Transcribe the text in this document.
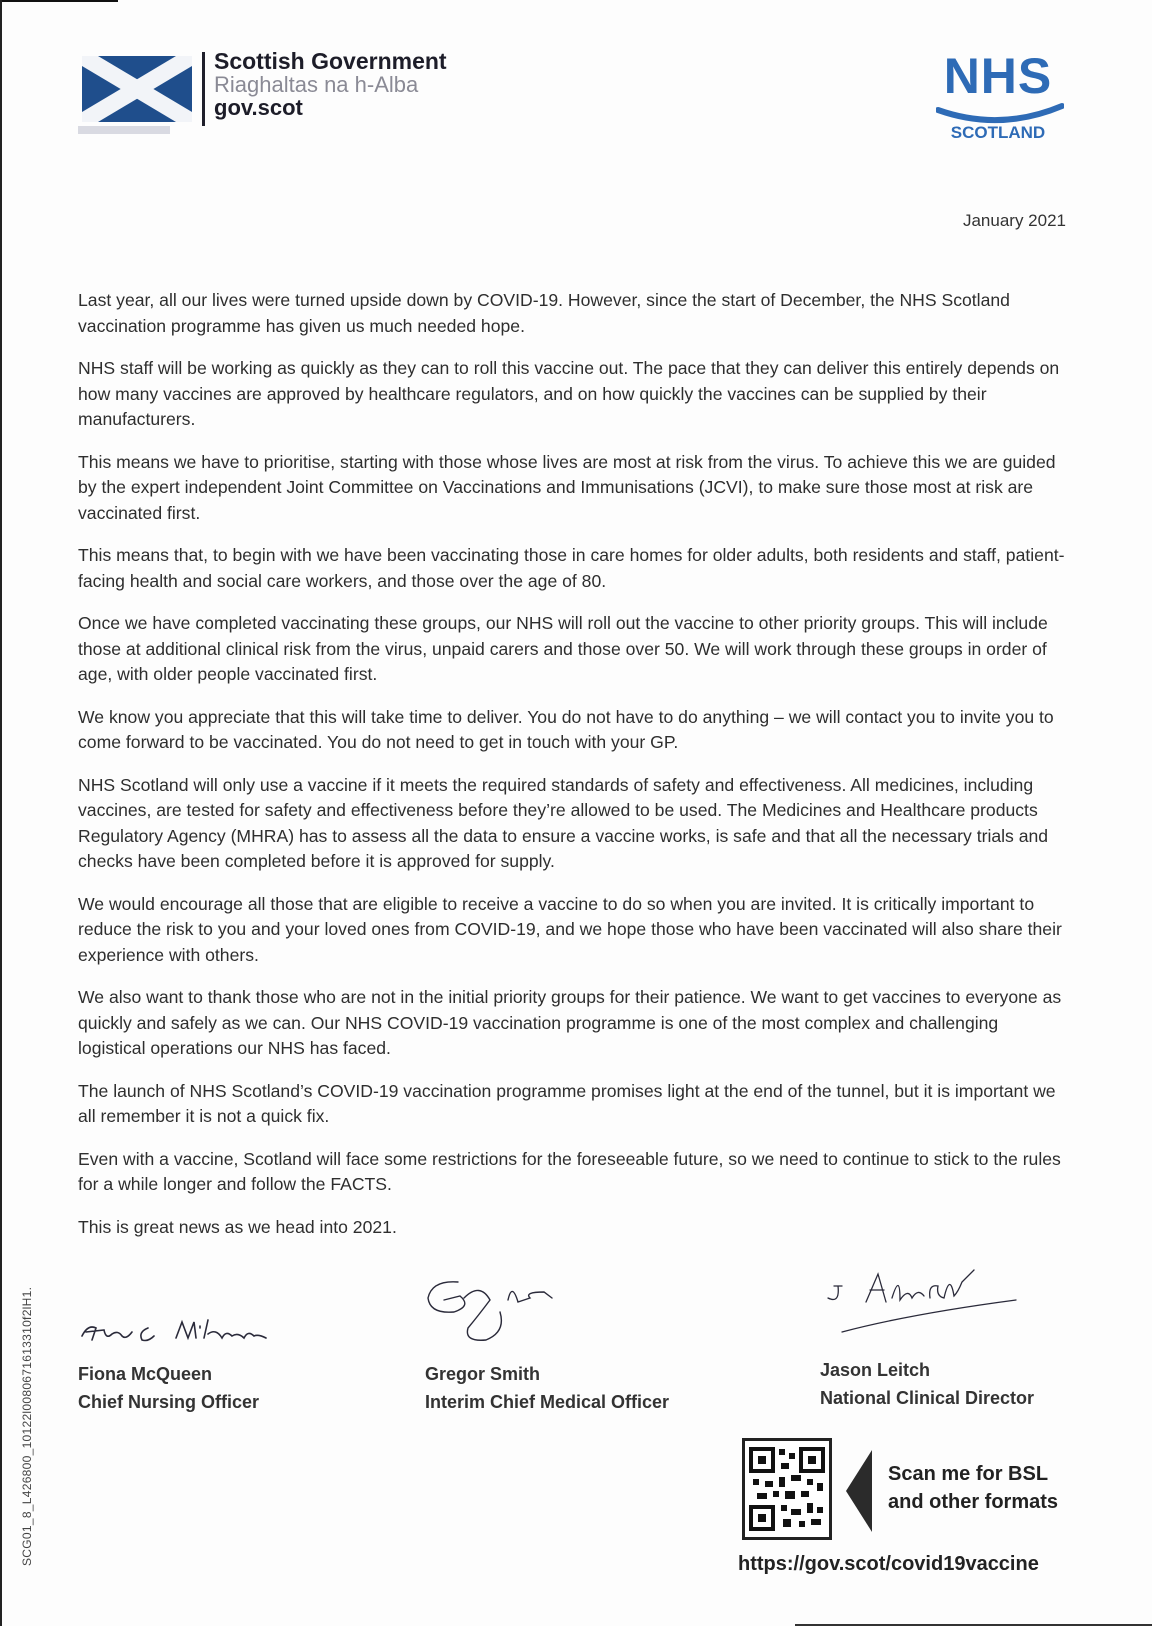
Scottish Government
Riaghaltas na h-Alba
gov.scot
NHS
SCOTLAND
January 2021

Last year, all our lives were turned upside down by COVID-19. However, since the start of December, the NHS Scotland vaccination programme has given us much needed hope.

NHS staff will be working as quickly as they can to roll this vaccine out. The pace that they can deliver this entirely depends on how many vaccines are approved by healthcare regulators, and on how quickly the vaccines can be supplied by their manufacturers.

This means we have to prioritise, starting with those whose lives are most at risk from the virus. To achieve this we are guided by the expert independent Joint Committee on Vaccinations and Immunisations (JCVI), to make sure those most at risk are vaccinated first.

This means that, to begin with we have been vaccinating those in care homes for older adults, both residents and staff, patient-facing health and social care workers, and those over the age of 80.

Once we have completed vaccinating these groups, our NHS will roll out the vaccine to other priority groups. This will include those at additional clinical risk from the virus, unpaid carers and those over 50. We will work through these groups in order of age, with older people vaccinated first.

We know you appreciate that this will take time to deliver. You do not have to do anything – we will contact you to invite you to come forward to be vaccinated. You do not need to get in touch with your GP.

NHS Scotland will only use a vaccine if it meets the required standards of safety and effectiveness. All medicines, including vaccines, are tested for safety and effectiveness before they’re allowed to be used. The Medicines and Healthcare products Regulatory Agency (MHRA) has to assess all the data to ensure a vaccine works, is safe and that all the necessary trials and checks have been completed before it is approved for supply.

We would encourage all those that are eligible to receive a vaccine to do so when you are invited. It is critically important to reduce the risk to you and your loved ones from COVID-19, and we hope those who have been vaccinated will also share their experience with others.

We also want to thank those who are not in the initial priority groups for their patience. We want to get vaccines to everyone as quickly and safely as we can. Our NHS COVID-19 vaccination programme is one of the most complex and challenging logistical operations our NHS has faced.

The launch of NHS Scotland’s COVID-19 vaccination programme promises light at the end of the tunnel, but it is important we all remember it is not a quick fix.

Even with a vaccine, Scotland will face some restrictions for the foreseeable future, so we need to continue to stick to the rules for a while longer and follow the FACTS.

This is great news as we head into 2021.

Fiona McQueen
Chief Nursing Officer
Gregor Smith
Interim Chief Medical Officer
Jason Leitch
National Clinical Director
Scan me for BSL
and other formats
https://gov.scot/covid19vaccine
SCG01_8_L426800_10122l0080671613310f2lH1.
